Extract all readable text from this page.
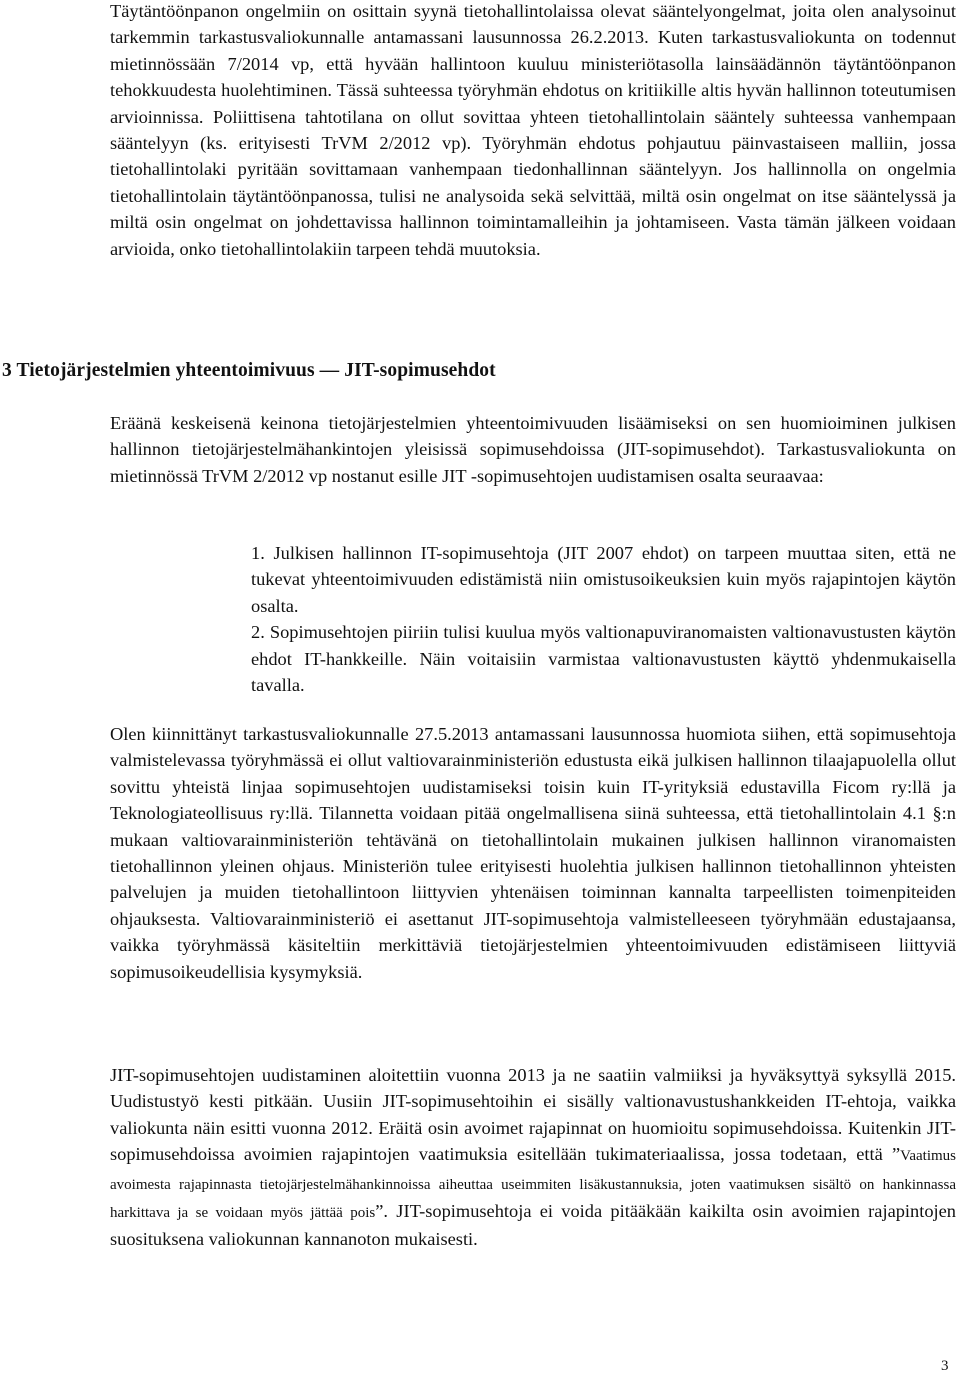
Täytäntöönpanon ongelmiin on osittain syynä tietohallintolaissa olevat sääntelyongelmat, joita olen analysoinut tarkemmin tarkastusvaliokunnalle antamassani lausunnossa 26.2.2013. Kuten tarkastusvaliokunta on todennut mietinnössään 7/2014 vp, että hyvään hallintoon kuuluu ministeriötasolla lainsäädännön täytäntöönpanon tehokkuudesta huolehtiminen. Tässä suhteessa työryhmän ehdotus on kritiikille altis hyvän hallinnon toteutumisen arvioinnissa. Poliittisena tahtotilana on ollut sovittaa yhteen tietohallintolain sääntely suhteessa vanhempaan sääntelyyn (ks. erityisesti TrVM 2/2012 vp). Työryhmän ehdotus pohjautuu päinvastaiseen malliin, jossa tietohallintolaki pyritään sovittamaan vanhempaan tiedonhallinnan sääntelyyn. Jos hallinnolla on ongelmia tietohallintolain täytäntöönpanossa, tulisi ne analysoida sekä selvittää, miltä osin ongelmat on itse sääntelyssä ja miltä osin ongelmat on johdettavissa hallinnon toimintamalleihin ja johtamiseen. Vasta tämän jälkeen voidaan arvioida, onko tietohallintolakiin tarpeen tehdä muutoksia.

3 Tietojärjestelmien yhteentoimivuus — JIT-sopimusehdot

Eräänä keskeisenä keinona tietojärjestelmien yhteentoimivuuden lisäämiseksi on sen huomioiminen julkisen hallinnon tietojärjestelmähankintojen yleisissä sopimusehdoissa (JIT-sopimusehdot). Tarkastusvaliokunta on mietinnössä TrVM 2/2012 vp nostanut esille JIT -sopimusehtojen uudistamisen osalta seuraavaa:

1. Julkisen hallinnon IT-sopimusehtoja (JIT 2007 ehdot) on tarpeen muuttaa siten, että ne tukevat yhteentoimivuuden edistämistä niin omistusoikeuksien kuin myös rajapintojen käytön osalta.
2. Sopimusehtojen piiriin tulisi kuulua myös valtionapuviranomaisten valtionavustusten käytön ehdot IT-hankkeille. Näin voitaisiin varmistaa valtionavustusten käyttö yhdenmukaisella tavalla.

Olen kiinnittänyt tarkastusvaliokunnalle 27.5.2013 antamassani lausunnossa huomiota siihen, että sopimusehtoja valmistelevassa työryhmässä ei ollut valtiovarainministeriön edustusta eikä julkisen hallinnon tilaajapuolella ollut sovittu yhteistä linjaa sopimusehtojen uudistamiseksi toisin kuin IT-yrityksiä edustavilla Ficom ry:llä ja Teknologiateollisuus ry:llä. Tilannetta voidaan pitää ongelmallisena siinä suhteessa, että tietohallintolain 4.1 §:n mukaan valtiovarainministeriön tehtävänä on tietohallintolain mukainen julkisen hallinnon viranomaisten tietohallinnon yleinen ohjaus. Ministeriön tulee erityisesti huolehtia julkisen hallinnon tietohallinnon yhteisten palvelujen ja muiden tietohallintoon liittyvien yhtenäisen toiminnan kannalta tarpeellisten toimenpiteiden ohjauksesta. Valtiovarainministeriö ei asettanut JIT-sopimusehtoja valmistelleeseen työryhmään edustajaansa, vaikka työryhmässä käsiteltiin merkittäviä tietojärjestelmien yhteentoimivuuden edistämiseen liittyviä sopimusoikeudellisia kysymyksiä.

JIT-sopimusehtojen uudistaminen aloitettiin vuonna 2013 ja ne saatiin valmiiksi ja hyväksyttyä syksyllä 2015. Uudistustyö kesti pitkään. Uusiin JIT-sopimusehtoihin ei sisälly valtionavustushankkeiden IT-ehtoja, vaikka valiokunta näin esitti vuonna 2012. Eräitä osin avoimet rajapinnat on huomioitu sopimusehdoissa. Kuitenkin JIT-sopimusehdoissa avoimien rajapintojen vaatimuksia esitellään tukimateriaalissa, jossa todetaan, että ”Vaatimus avoimesta rajapinnasta tietojärjestelmähankinnoissa aiheuttaa useimmiten lisäkustannuksia, joten vaatimuksen sisältö on hankinnassa harkittava ja se voidaan myös jättää pois”. JIT-sopimusehtoja ei voida pitääkään kaikilta osin avoimien rajapintojen suosituksena valiokunnan kannanoton mukaisesti.

3
